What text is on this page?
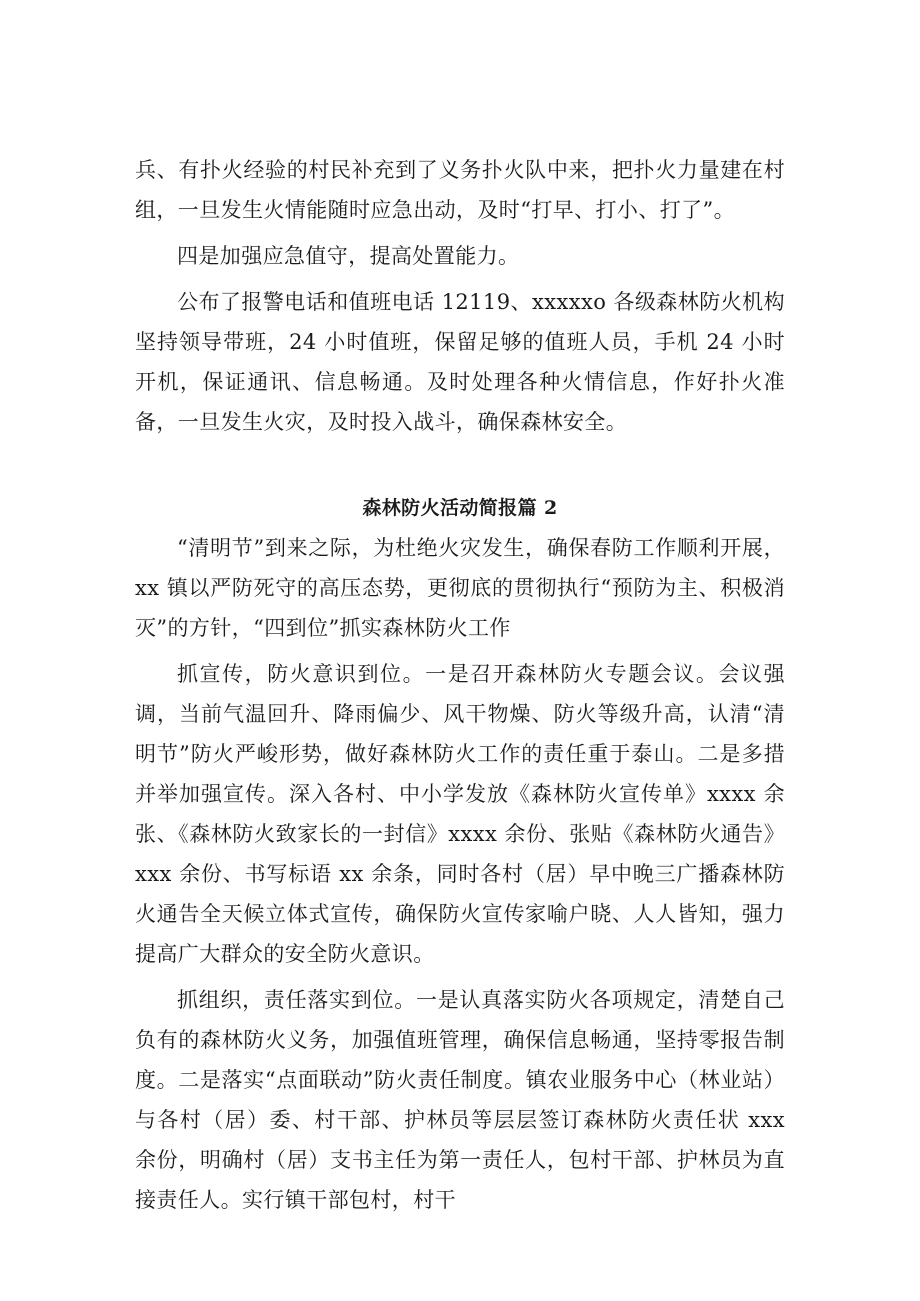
兵、有扑火经验的村民补充到了义务扑火队中来，把扑火力量建在村组，一旦发生火情能随时应急出动，及时“打早、打小、打了”。

四是加强应急值守，提高处置能力。

公布了报警电话和值班电话 12119、xxxxxo 各级森林防火机构坚持领导带班，24 小时值班，保留足够的值班人员，手机 24 小时开机，保证通讯、信息畅通。及时处理各种火情信息，作好扑火准备，一旦发生火灾，及时投入战斗，确保森林安全。

森林防火活动简报篇 2

“清明节”到来之际，为杜绝火灾发生，确保春防工作顺利开展，xx 镇以严防死守的高压态势，更彻底的贯彻执行“预防为主、积极消灭”的方针，“四到位”抓实森林防火工作

抓宣传，防火意识到位。一是召开森林防火专题会议。会议强调，当前气温回升、降雨偏少、风干物燥、防火等级升高，认清“清明节”防火严峻形势，做好森林防火工作的责任重于泰山。二是多措并举加强宣传。深入各村、中小学发放《森林防火宣传单》xxxx 余张、《森林防火致家长的一封信》xxxx 余份、张贴《森林防火通告》xxx 余份、书写标语 xx 余条，同时各村（居）早中晚三广播森林防火通告全天候立体式宣传，确保防火宣传家喻户晓、人人皆知，强力提高广大群众的安全防火意识。

抓组织，责任落实到位。一是认真落实防火各项规定，清楚自己负有的森林防火义务，加强值班管理，确保信息畅通，坚持零报告制度。二是落实“点面联动”防火责任制度。镇农业服务中心（林业站）与各村（居）委、村干部、护林员等层层签订森林防火责任状 xxx 余份，明确村（居）支书主任为第一责任人，包村干部、护林员为直接责任人。实行镇干部包村，村干
